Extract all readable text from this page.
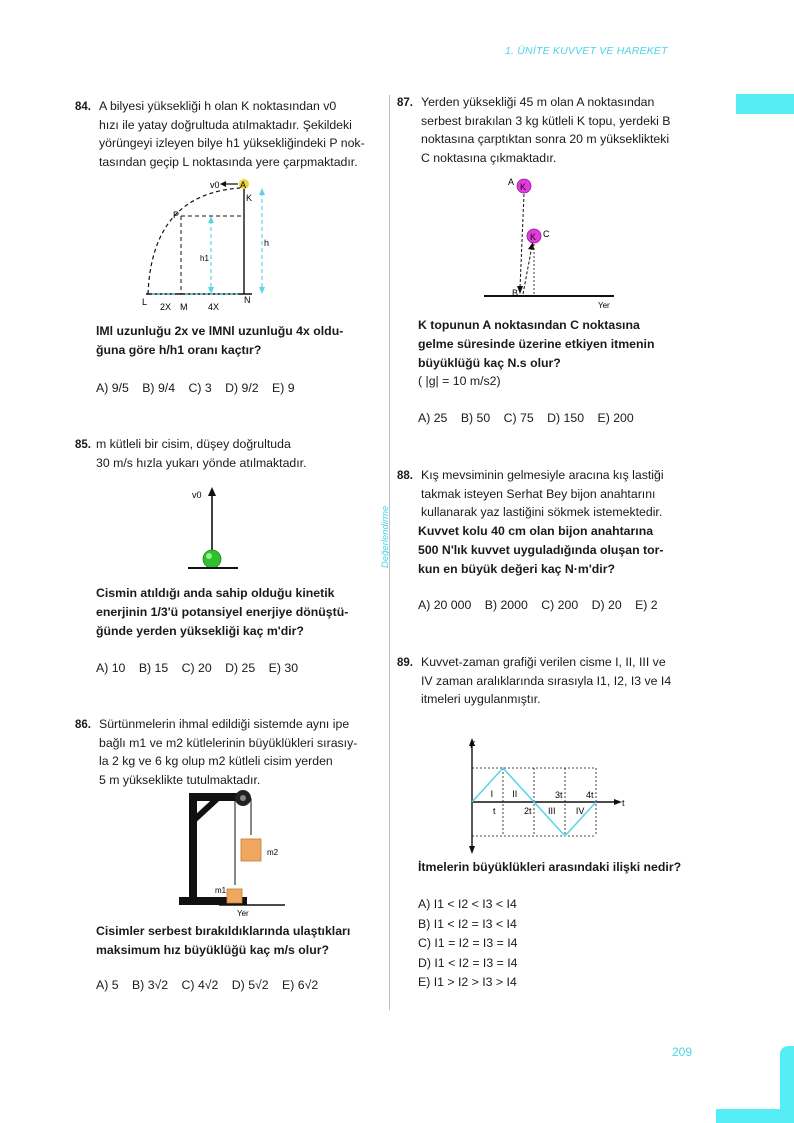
1. ÜNİTE KUVVET VE HAREKET
209
Değerlendirme
84. A bilyesi yüksekliği h olan K noktasından v0
hızı ile yatay doğrultuda atılmaktadır. Şekildeki
yörüngeyi izleyen bilye h1 yüksekliğindeki P nok-
tasından geçip L noktasında yere çarpmaktadır.
A
v0
K
P
h1
h
L	M
N
2X	4X
lMl uzunluğu 2x ve lMNl uzunluğu 4x oldu-
ğuna göre h/h1 oranı kaçtır?
A) 9/5 B) 9/4 C) 3 D) 9/2 E) 9
85. m kütleli bir cisim, düşey doğrultuda
30 m/s hızla yukarı yönde atılmaktadır.
v0
Cismin atıldığı anda sahip olduğu kinetik
enerjinin 1/3'ü potansiyel enerjiye dönüştü-
ğünde yerden yüksekliği kaç m'dir?
A) 10 B) 15 C) 20 D) 25 E) 30
86. Sürtünmelerin ihmal edildiği sistemde aynı ipe
bağlı m1 ve m2 kütlelerinin büyüklükleri sırasıy-
la 2 kg ve 6 kg olup m2 kütleli cisim yerden
5 m yükseklikte tutulmaktadır.
m2
m1
Yer
Cisimler serbest bırakıldıklarında ulaştıkları
maksimum hız büyüklüğü kaç m/s olur?
A) 5 B) 3√2 C) 4√2 D) 5√2 E) 6√2
87. Yerden yüksekliği 45 m olan A noktasından
serbest bırakılan 3 kg kütleli K topu, yerdeki B
noktasına çarptıktan sonra 20 m yükseklikteki
C noktasına çıkmaktadır.
A K
K C
B
Yer
K topunun A noktasından C noktasına
gelme süresinde üzerine etkiyen itmenin
büyüklüğü kaç N.s olur?
( |g| = 10 m/s2)
A) 25 B) 50 C) 75 D) 150 E) 200
88. Kış mevsiminin gelmesiyle aracına kış lastiği
takmak isteyen Serhat Bey bijon anahtarını
kullanarak yaz lastiğini sökmek istemektedir.
Kuvvet kolu 40 cm olan bijon anahtarına
500 N'lık kuvvet uyguladığında oluşan tor-
kun en büyük değeri kaç N·m'dir?
A) 20 000 B) 2000 C) 200 D) 20 E) 2
89. Kuvvet-zaman grafiği verilen cisme I, II, III ve
IV zaman aralıklarında sırasıyla I1, I2, I3 ve I4
itmeleri uygulanmıştır.
F
t
t	2t
3t	4t
I II
III IV
İtmelerin büyüklükleri arasındaki ilişki nedir?
A) I1 < I2 < I3 < I4
B) I1 < I2 = I3 < I4
C) I1 = I2 = I3 = I4
D) I1 < I2 = I3 = I4
E) I1 > I2 > I3 > I4
